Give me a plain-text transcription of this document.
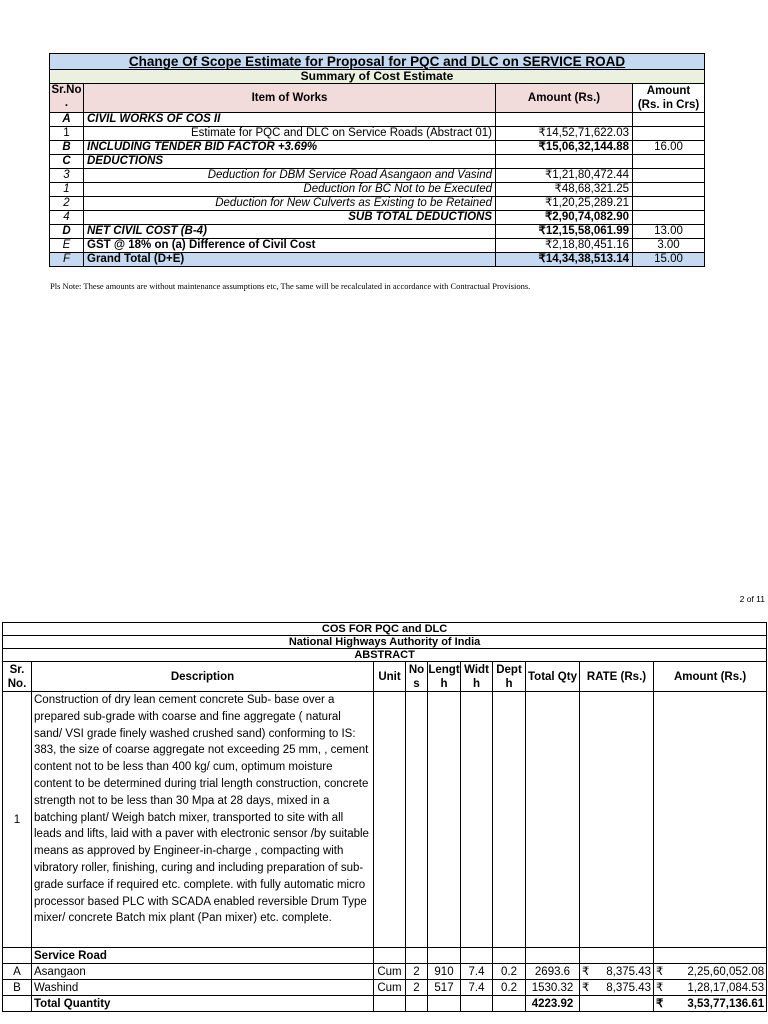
Change Of Scope Estimate for Proposal for PQC and DLC on SERVICE ROAD			
Summary of Cost Estimate			
Sr.No .	Item of Works	Amount (Rs.)	Amount (Rs. in Crs)
A	CIVIL WORKS OF COS II		
1	Estimate for PQC and DLC on Service Roads (Abstract 01)	₹14,52,71,622.03	
B	INCLUDING TENDER BID FACTOR +3.69%	₹15,06,32,144.88	16.00
C	DEDUCTIONS		
3	Deduction for DBM Service Road Asangaon and Vasind	₹1,21,80,472.44	
1	Deduction for BC Not to be Executed	₹48,68,321.25	
2	Deduction for New Culverts as Existing to be Retained	₹1,20,25,289.21	
4	SUB TOTAL DEDUCTIONS	₹2,90,74,082.90	
D	NET CIVIL COST (B-4)	₹12,15,58,061.99	13.00
E	GST @ 18% on (a) Difference of Civil Cost	₹2,18,80,451.16	3.00
F	Grand Total (D+E)	₹14,34,38,513.14	15.00
Pls Note: These amounts are without maintenance assumptions etc, The same will be recalculated in accordance with Contractual Provisions.
2 of 11
COS FOR PQC and DLC									
National Highways Authority of India									
ABSTRACT									
Sr. No.	Description	Unit	Nos	Length	Width	Depth	Total Qty	RATE (Rs.)	Amount (Rs.)
1	Construction of dry lean cement concrete Sub- base over a prepared sub-grade with coarse and fine aggregate ( natural sand/ VSI grade finely washed crushed sand) conforming to IS: 383, the size of coarse aggregate not exceeding 25 mm, , cement content not to be less than 400 kg/ cum, optimum moisture content to be determined during trial length construction, concrete strength not to be less than 30 Mpa at 28 days, mixed in a batching plant/ Weigh batch mixer, transported to site with all leads and lifts, laid with a paver with electronic sensor /by suitable means as approved by Engineer-in-charge , compacting with vibratory roller, finishing, curing and including preparation of sub-grade surface if required etc. complete. with fully automatic micro processor based PLC with SCADA enabled reversible Drum Type mixer/ concrete Batch mix plant (Pan mixer) etc. complete.								
	Service Road								
A	Asangaon	Cum	2	910	7.4	0.2	2693.6	₹ 8,375.43	₹ 2,25,60,052.08

B	Washind	Cum	2	517	7.4	0.2	1530.32	₹ 8,375.43	₹ 1,28,17,084.53

	Total Quantity						4223.92		₹ 3,53,77,136.61
